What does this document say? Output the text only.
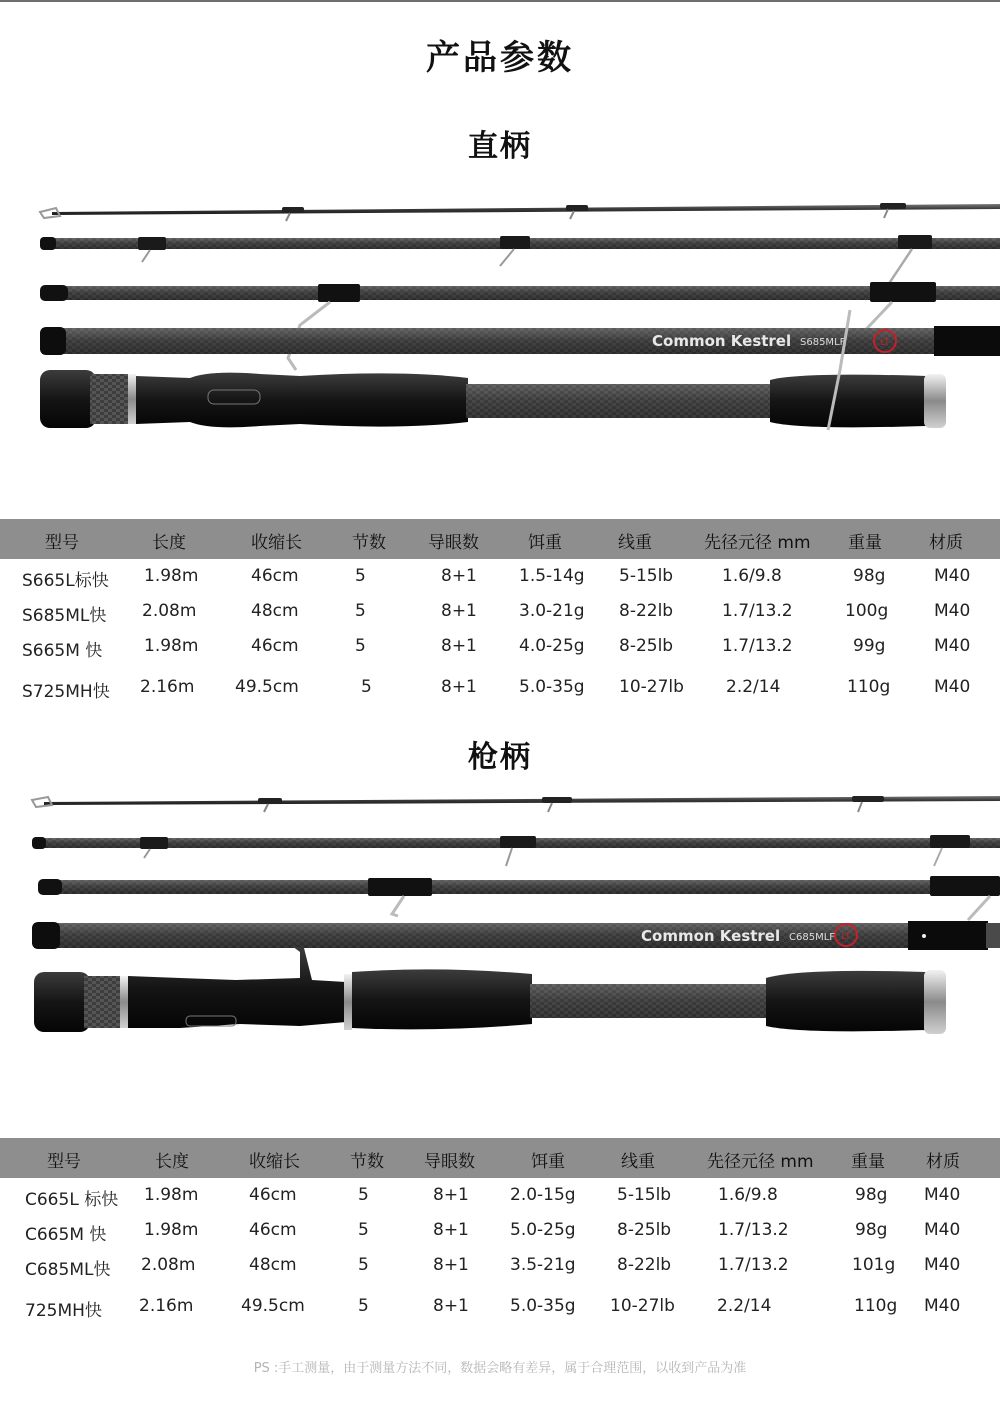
产品参数
直柄
Common Kestrel S685MLF	LT
型号	长度	收缩长	节数 导眼数	饵重	线重	先径元径 mm 重量	材质
S665L标快 1.98m	46cm	5	8+1 1.5-14g 5-15lb	1.6/9.8	98g	M40
S685ML快 2.08m	48cm	5	8+1 3.0-21g 8-22lb	1.7/13.2	100g	M40
S665M 快 1.98m	46cm	5	8+1 4.0-25g 8-25lb	1.7/13.2	99g	M40
S725MH快 2.16m 49.5cm	5	8+1 5.0-35g 10-27lb 2.2/14	110g	M40
枪柄
Common Kestrel C685MLF LT
型号	长度	收缩长	节数 导眼数	饵重	线重	先径元径 mm 重量 材质
C665L 标快 1.98m	46cm	5	8+1 2.0-15g 5-15lb	1.6/9.8	98g M40
C665M 快 1.98m	46cm	5	8+1 5.0-25g 8-25lb	1.7/13.2	98g M40
C685ML快 2.08m	48cm	5	8+1 3.5-21g 8-22lb	1.7/13.2	101g M40
725MH快 2.16m	49.5cm	5	8+1 5.0-35g 10-27lb 2.2/14	110g M40
PS :手工测量，由于测量方法不同，数据会略有差异，属于合理范围，以收到产品为准
